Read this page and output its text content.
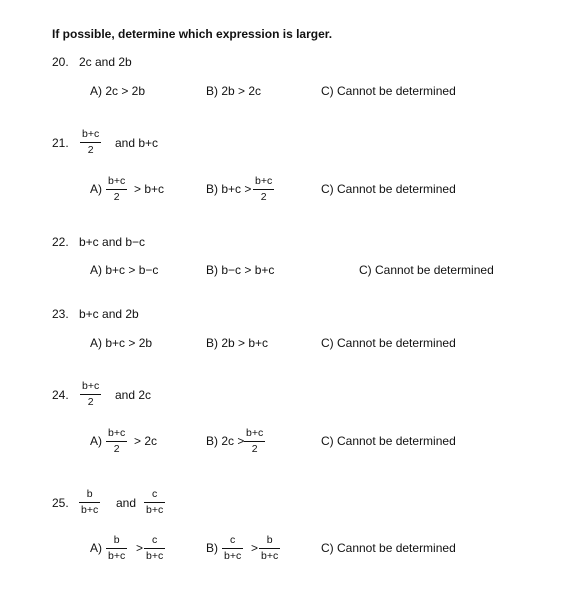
If possible, determine which expression is larger.
20. 2c and 2b
A) 2c > 2b	B) 2b > 2c	C) Cannot be determined
21.
b+c
2 and b+c
A)
b+c
2
> b+c	B) b+c >
b+c
2
C) Cannot be determined
22. b+c and b−c
A) b+c > b−c	B) b−c > b+c	C) Cannot be determined
23. b+c and 2b
A) b+c > 2b	B) 2b > b+c	C) Cannot be determined
24.
b+c
2 and 2c
A)
b+c
2
> 2c	B) 2c >
b+c
2
C) Cannot be determined
25.
b
b+c and
c
b+c
A)
b
b+c
>
c
b+c
B)
c
b+c
>
b
b+c
C) Cannot be determined
